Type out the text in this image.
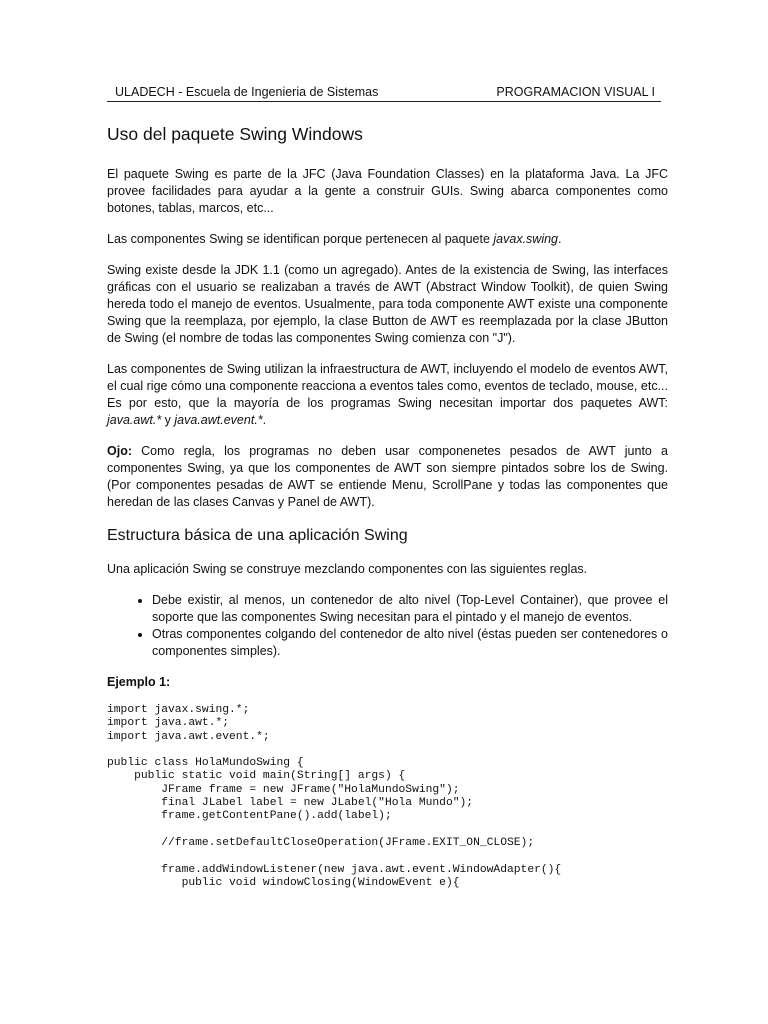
ULADECH - Escuela de Ingenieria de Sistemas	PROGRAMACION VISUAL I
Uso del paquete Swing Windows

El paquete Swing es parte de la JFC (Java Foundation Classes) en la plataforma Java. La JFC provee facilidades para ayudar a la gente a construir GUIs. Swing abarca componentes como botones, tablas, marcos, etc...

Las componentes Swing se identifican porque pertenecen al paquete javax.swing.

Swing existe desde la JDK 1.1 (como un agregado). Antes de la existencia de Swing, las interfaces gráficas con el usuario se realizaban a través de AWT (Abstract Window Toolkit), de quien Swing hereda todo el manejo de eventos. Usualmente, para toda componente AWT existe una componente Swing que la reemplaza, por ejemplo, la clase Button de AWT es reemplazada por la clase JButton de Swing (el nombre de todas las componentes Swing comienza con "J").

Las componentes de Swing utilizan la infraestructura de AWT, incluyendo el modelo de eventos AWT, el cual rige cómo una componente reacciona a eventos tales como, eventos de teclado, mouse, etc... Es por esto, que la mayoría de los programas Swing necesitan importar dos paquetes AWT: java.awt.* y java.awt.event.*.

Ojo: Como regla, los programas no deben usar componenetes pesados de AWT junto a componentes Swing, ya que los componentes de AWT son siempre pintados sobre los de Swing. (Por componentes pesadas de AWT se entiende Menu, ScrollPane y todas las componentes que heredan de las clases Canvas y Panel de AWT).

Estructura básica de una aplicación Swing

Una aplicación Swing se construye mezclando componentes con las siguientes reglas.

• Debe existir, al menos, un contenedor de alto nivel (Top-Level Container), que provee el soporte que las componentes Swing necesitan para el pintado y el manejo de eventos.
• Otras componentes colgando del contenedor de alto nivel (éstas pueden ser contenedores o componentes simples).
Ejemplo 1:
import javax.swing.*;
import java.awt.*;
import java.awt.event.*;

public class HolaMundoSwing {
public static void main(String[] args) {
JFrame frame = new JFrame("HolaMundoSwing");
final JLabel label = new JLabel("Hola Mundo");
frame.getContentPane().add(label);

//frame.setDefaultCloseOperation(JFrame.EXIT_ON_CLOSE);

frame.addWindowListener(new java.awt.event.WindowAdapter(){
public void windowClosing(WindowEvent e){
